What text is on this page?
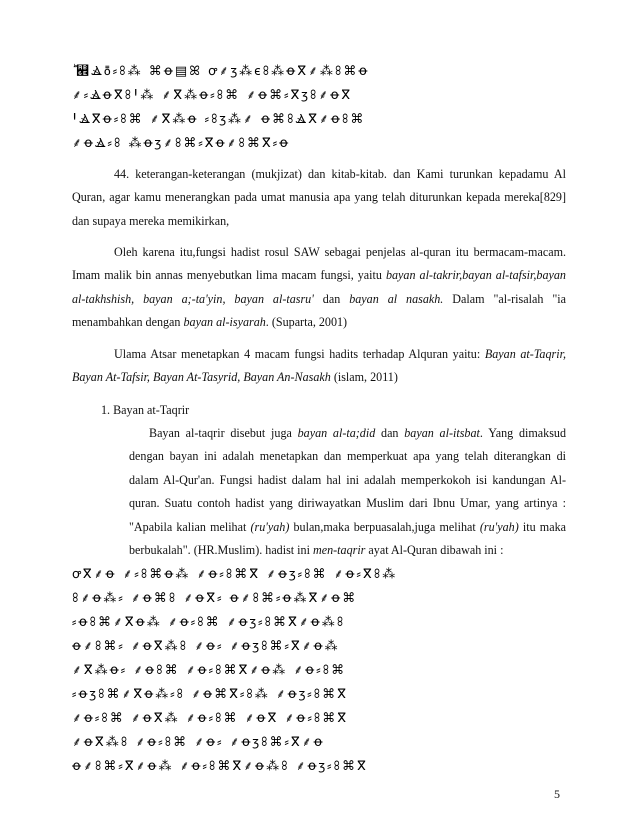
ؕ ꭮Ⳛꚢ⸗ꖉ⁂ ⌘ꝋ▤ꕤ ꝍ⸙ⳅ⁂ⲉꖉ⁂ꝋⴳ⸙⁂ꖉ⌘ꝋ
⸙⸗ⳚꝋⴳꖉꞋ⁂ ⸙ⴳ⁂ꝋ⸗ꖉ⌘ ⸙ꝋ⌘⸗ⴳⳅꖉ⸙ꝋⴳ
ꞋⳚⴳꝋ⸗ꖉ⌘ ⸙ⴳ⁂ꝋ ⸗ꖉⳅ⁂⸙ ꝋ⌘ꖉⳚⴳ⸙ꝋꖉ⌘
⸙ꝋⳚ⸗ꖉ ⁂ꝋⳅ⸙ꖉ⌘⸗ⴳꝋ⸙ꖉ⌘ⴳ⸗ꝋ
44. keterangan-keterangan (mukjizat) dan kitab-kitab. dan Kami turunkan kepadamu Al Quran, agar kamu menerangkan pada umat manusia apa yang telah diturunkan kepada mereka[829] dan supaya mereka memikirkan,
Oleh karena itu,fungsi hadist rosul SAW sebagai penjelas al-quran itu bermacam-macam. Imam malik bin annas menyebutkan lima macam fungsi, yaitu bayan al-takrir,bayan al-tafsir,bayan al-takhshish, bayan a;-ta'yin, bayan al-tasru' dan bayan al nasakh. Dalam "al-risalah "ia menambahkan dengan bayan al-isyarah. (Suparta, 2001)
Ulama Atsar menetapkan 4 macam fungsi hadits terhadap Alquran yaitu: Bayan at-Taqrir, Bayan At-Tafsir, Bayan At-Tasyrid, Bayan An-Nasakh (islam, 2011)
1. Bayan at-Taqrir
Bayan al-taqrir disebut juga bayan al-ta;did dan bayan al-itsbat. Yang dimaksud dengan bayan ini adalah menetapkan dan memperkuat apa yang telah diterangkan di dalam Al-Qur'an. Fungsi hadist dalam hal ini adalah memperkokoh isi kandungan Al-quran. Suatu contoh hadist yang diriwayatkan Muslim dari Ibnu Umar, yang artinya : "Apabila kalian melihat (ru'yah) bulan,maka berpuasalah,juga melihat (ru'yah) itu maka berbukalah". (HR.Muslim). hadist ini men-taqrir ayat Al-Quran dibawah ini :
ꝍⴳ⸙ꝋ ⸙⸗ꖉ⌘ꝋ⁂ ⸙ꝋ⸗ꖉ⌘ⴳ ⸙ꝋⳅ⸗ꖉ⌘ ⸙ꝋ⸗ⴳꖉ⁂
ꖉ⸙ꝋ⁂⸗ ⸙ꝋ⌘ꖉ ⸙ꝋⴳ⸗ ꝋ⸙ꖉ⌘⸗ꝋ⁂ⴳ⸙ꝋ⌘
⸗ꝋꖉ⌘⸙ⴳꝋ⁂ ⸙ꝋ⸗ꖉ⌘ ⸙ꝋⳅ⸗ꖉ⌘ⴳ⸙ꝋ⁂ꖉ
ꝋ⸙ꖉ⌘⸗ ⸙ꝋⴳ⁂ꖉ ⸙ꝋ⸗ ⸙ꝋⳅꖉ⌘⸗ⴳ⸙ꝋ⁂
⸙ⴳ⁂ꝋ⸗ ⸙ꝋꖉ⌘ ⸙ꝋ⸗ꖉ⌘ⴳ⸙ꝋ⁂ ⸙ꝋ⸗ꖉ⌘
⸗ꝋⳅꖉ⌘⸙ⴳꝋ⁂⸗ꖉ ⸙ꝋ⌘ⴳ⸗ꖉ⁂ ⸙ꝋⳅ⸗ꖉ⌘ⴳ
⸙ꝋ⸗ꖉ⌘ ⸙ꝋⴳ⁂ ⸙ꝋ⸗ꖉ⌘ ⸙ꝋⴳ ⸙ꝋ⸗ꖉ⌘ⴳ
⸙ꝋⴳ⁂ꖉ ⸙ꝋ⸗ꖉ⌘ ⸙ꝋ⸗ ⸙ꝋⳅꖉ⌘⸗ⴳ⸙ꝋ
ꝋ⸙ꖉ⌘⸗ⴳ⸙ꝋ⁂ ⸙ꝋ⸗ꖉ⌘ⴳ⸙ꝋ⁂ꖉ ⸙ꝋⳅ⸗ꖉ⌘ⴳ
5
